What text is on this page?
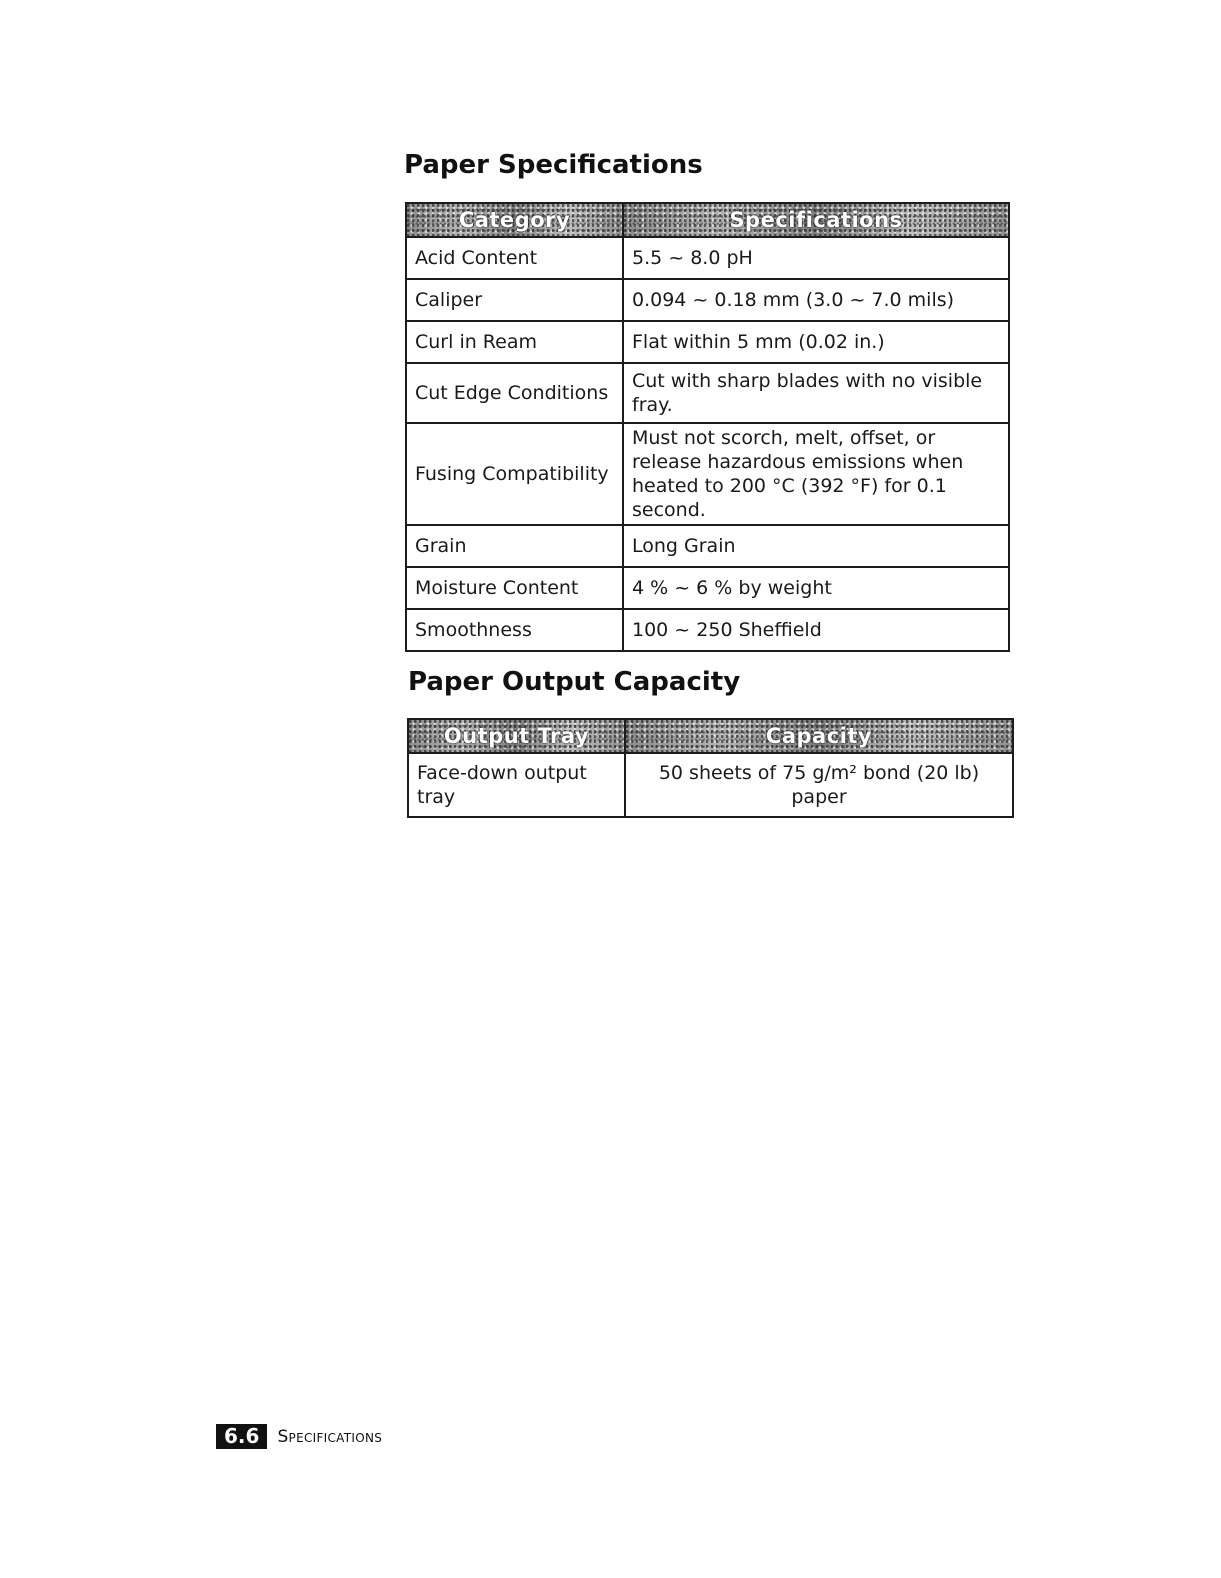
Paper Specifications
Category	Specifications
Acid Content	5.5 ~ 8.0 pH
Caliper	0.094 ~ 0.18 mm (3.0 ~ 7.0 mils)
Curl in Ream	Flat within 5 mm (0.02 in.)
Cut Edge Conditions	Cut with sharp blades with no visible fray.
Fusing Compatibility	Must not scorch, melt, offset, or release hazardous emissions when heated to 200 °C (392 °F) for 0.1 second.
Grain	Long Grain
Moisture Content	4 % ~ 6 % by weight
Smoothness	100 ~ 250 Sheffield
Paper Output Capacity
Output Tray	Capacity
Face-down output tray	50 sheets of 75 g/m² bond (20 lb) paper
6.6	Specifications
